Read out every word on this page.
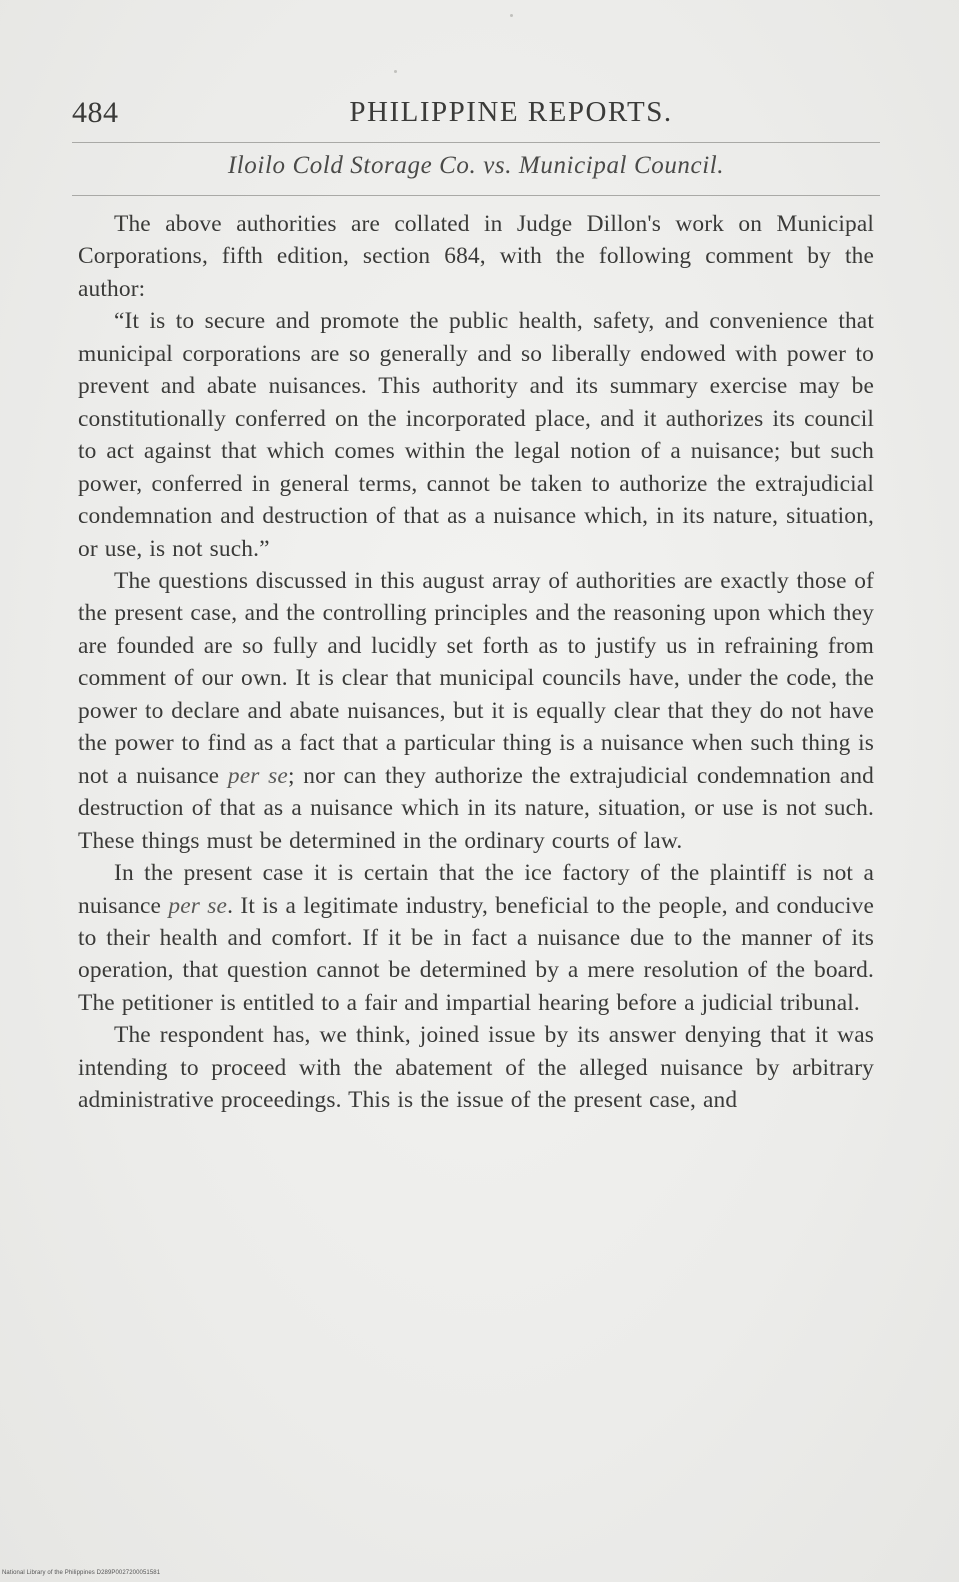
484	PHILIPPINE REPORTS.
Iloilo Cold Storage Co. vs. Municipal Council.

The above authorities are collated in Judge Dillon's work on Municipal Corporations, fifth edition, section 684, with the following comment by the author:

“It is to secure and promote the public health, safety, and convenience that municipal corporations are so generally and so liberally endowed with power to prevent and abate nuisances. This authority and its summary exercise may be constitutionally conferred on the incorporated place, and it authorizes its council to act against that which comes within the legal notion of a nuisance; but such power, conferred in general terms, cannot be taken to authorize the extrajudicial condemnation and destruction of that as a nuisance which, in its nature, situation, or use, is not such.”

The questions discussed in this august array of authorities are exactly those of the present case, and the controlling principles and the reasoning upon which they are founded are so fully and lucidly set forth as to justify us in refraining from comment of our own. It is clear that municipal councils have, under the code, the power to declare and abate nuisances, but it is equally clear that they do not have the power to find as a fact that a particular thing is a nuisance when such thing is not a nuisance per se; nor can they authorize the extrajudicial condemnation and destruction of that as a nuisance which in its nature, situation, or use is not such. These things must be determined in the ordinary courts of law.

In the present case it is certain that the ice factory of the plaintiff is not a nuisance per se. It is a legitimate industry, beneficial to the people, and conducive to their health and comfort. If it be in fact a nuisance due to the manner of its operation, that question cannot be determined by a mere resolution of the board. The petitioner is entitled to a fair and impartial hearing before a judicial tribunal.

The respondent has, we think, joined issue by its answer denying that it was intending to proceed with the abatement of the alleged nuisance by arbitrary administrative proceedings. This is the issue of the present case, and

National Library of the Philippines D289P0027200051581
